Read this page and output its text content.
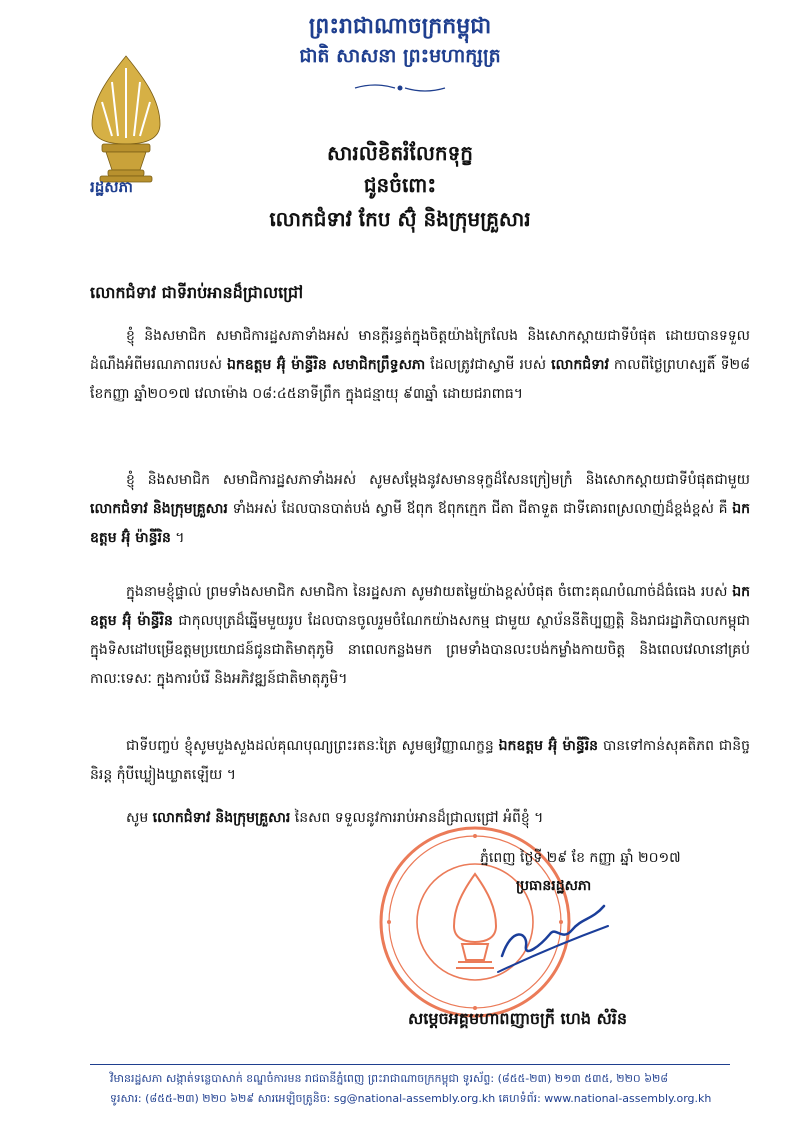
ព្រះរាជាណាចក្រកម្ពុជា
ជាតិ សាសនា ព្រះមហាក្សត្រ
រដ្ឋសភា
សារលិខិតរំលែកទុក្ខ
ជូនចំពោះ
លោកជំទាវ កែប ស៊ុំ និងក្រុមគ្រួសារ
លោកជំទាវ ជាទីរាប់អានដ៏ជ្រាលជ្រៅ

ខ្ញុំ និងសមាជិក សមាជិការដ្ឋសភាទាំងអស់ មានក្ដីរន្ធត់ក្នុងចិត្តយ៉ាងក្រៃលែង និងសោកស្ដាយជាទីបំផុត ដោយបានទទួលដំណឹងអំពីមរណភាពរបស់ ឯកឧត្តម អ៊ុំ ម៉ាន្ធីរិន សមាជិកព្រឹទ្ធសភា ដែលត្រូវជាស្វាមី របស់ លោកជំទាវ កាលពីថ្ងៃព្រហស្បតិ៍ ទី២៨ ខែកញ្ញា ឆ្នាំ២០១៧ វេលាម៉ោង ០៨:៤៥នាទីព្រឹក ក្នុងជន្មាយុ ៩៣ឆ្នាំ ដោយជរាពាធ។

ខ្ញុំ និងសមាជិក សមាជិការដ្ឋសភាទាំងអស់ សូមសម្ដែងនូវសមានទុក្ខដ៏សែនក្រៀមក្រំ និងសោកស្ដាយជាទីបំផុតជាមួយ លោកជំទាវ និងក្រុមគ្រួសារ ទាំងអស់ ដែលបានបាត់បង់ ស្វាមី ឪពុក ឪពុកក្មេក ជីតា ជីតាទួត ជាទីគោរពស្រលាញ់ដ៏ខ្ពង់ខ្ពស់ គឺ ឯកឧត្តម អ៊ុំ ម៉ាន្ធីរិន ។

ក្នុងនាមខ្ញុំផ្ទាល់ ព្រមទាំងសមាជិក សមាជិកា នៃរដ្ឋសភា សូមវាយតម្លៃយ៉ាងខ្ពស់បំផុត ចំពោះគុណបំណាច់ដ៏ធំធេង របស់ ឯកឧត្តម អ៊ុំ ម៉ាន្ធីរិន ជាកុលបុត្រដ៏ឆ្នើមមួយរូប ដែលបានចូលរួមចំណែកយ៉ាងសកម្ម ជាមួយ ស្ថាប័ននីតិប្បញ្ញត្តិ និងរាជរដ្ឋាភិបាលកម្ពុជា ក្នុងទិសដៅបម្រើឧត្តមប្រយោជន៍ជូនជាតិមាតុភូមិ នាពេលកន្លងមក ព្រមទាំងបានលះបង់កម្លាំងកាយចិត្ត និងពេលវេលានៅគ្រប់កាលៈទេសៈ ក្នុងការបំរើ និងអភិវឌ្ឍន៍ជាតិមាតុភូមិ។

ជាទីបញ្ចប់ ខ្ញុំសូមបួងសួងដល់គុណបុណ្យព្រះរតនៈត្រៃ សូមឲ្យវិញ្ញាណក្ខន្ធ ឯកឧត្តម អ៊ុំ ម៉ាន្ធីរិន បានទៅកាន់សុគតិភព ជានិច្ចនិរន្ត កុំបីឃ្លៀងឃ្លាតឡើយ ។

សូម លោកជំទាវ និងក្រុមគ្រួសារ នៃសព ទទួលនូវការរាប់អានដ៏ជ្រាលជ្រៅ អំពីខ្ញុំ ។

ភ្នំពេញ ថ្ងៃទី ២៩ ខែ កញ្ញា ឆ្នាំ ២០១៧
ប្រធានរដ្ឋសភា
សម្ដេចអគ្គមហាពញាចក្រី ហេង សំរិន
វិមានរដ្ឋសភា សង្កាត់ទន្លេបាសាក់ ខណ្ឌចំការមន រាជធានីភ្នំពេញ ព្រះរាជាណាចក្រកម្ពុជា ទូរស័ព្ទ: (៨៥៥-២៣) ២១៣ ៥៣៥, ២២០ ៦២៨
ទូរសារ: (៨៥៥-២៣) ២២០ ៦២៩ សារអេឡិចត្រូនិច: sg@national-assembly.org.kh គេហទំព័រ: www.national-assembly.org.kh
